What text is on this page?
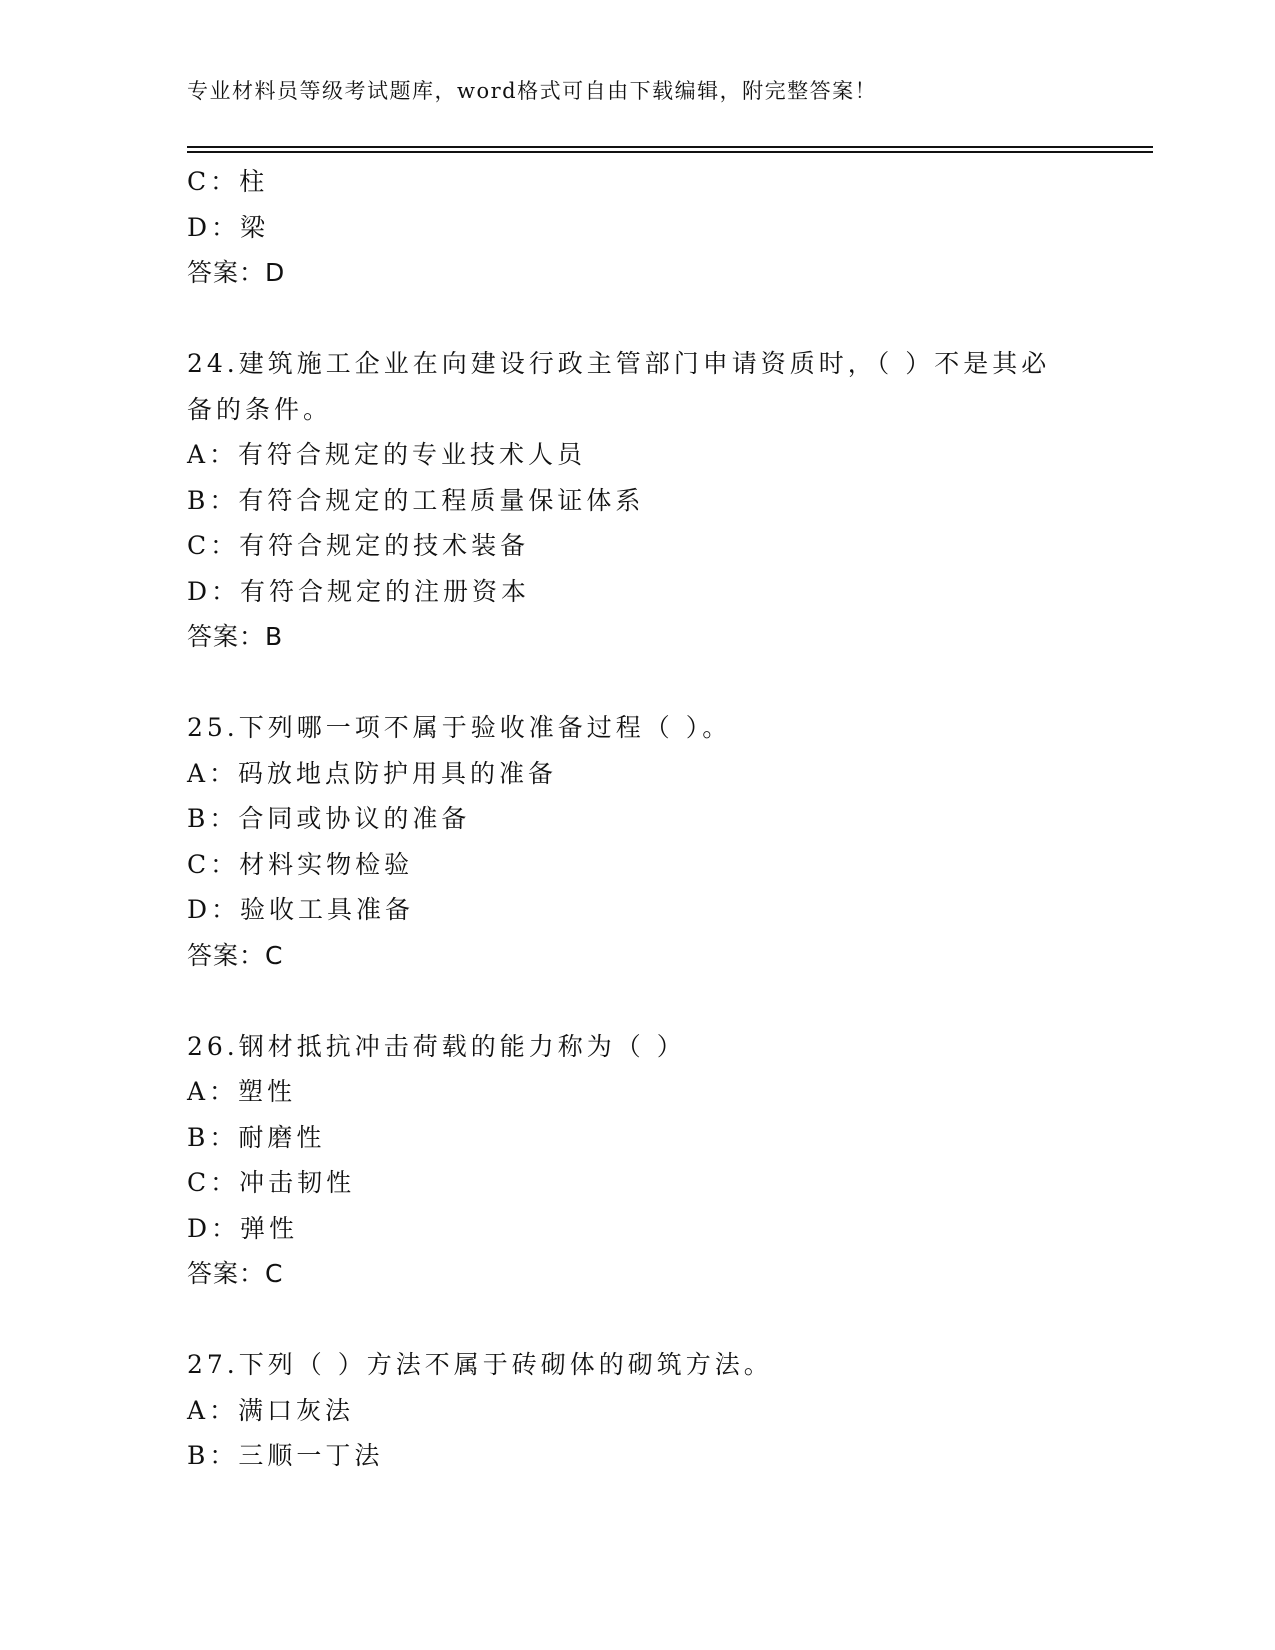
专业材料员等级考试题库，word格式可自由下载编辑，附完整答案！
C：柱
D：梁
答案：D
24.建筑施工企业在向建设行政主管部门申请资质时，（ ）不是其必备的条件。
A：有符合规定的专业技术人员
B：有符合规定的工程质量保证体系
C：有符合规定的技术装备
D：有符合规定的注册资本
答案：B
25.下列哪一项不属于验收准备过程（ ）。
A：码放地点防护用具的准备
B：合同或协议的准备
C：材料实物检验
D：验收工具准备
答案：C
26.钢材抵抗冲击荷载的能力称为（ ）
A：塑性
B：耐磨性
C：冲击韧性
D：弹性
答案：C
27.下列（ ）方法不属于砖砌体的砌筑方法。
A：满口灰法
B：三顺一丁法
